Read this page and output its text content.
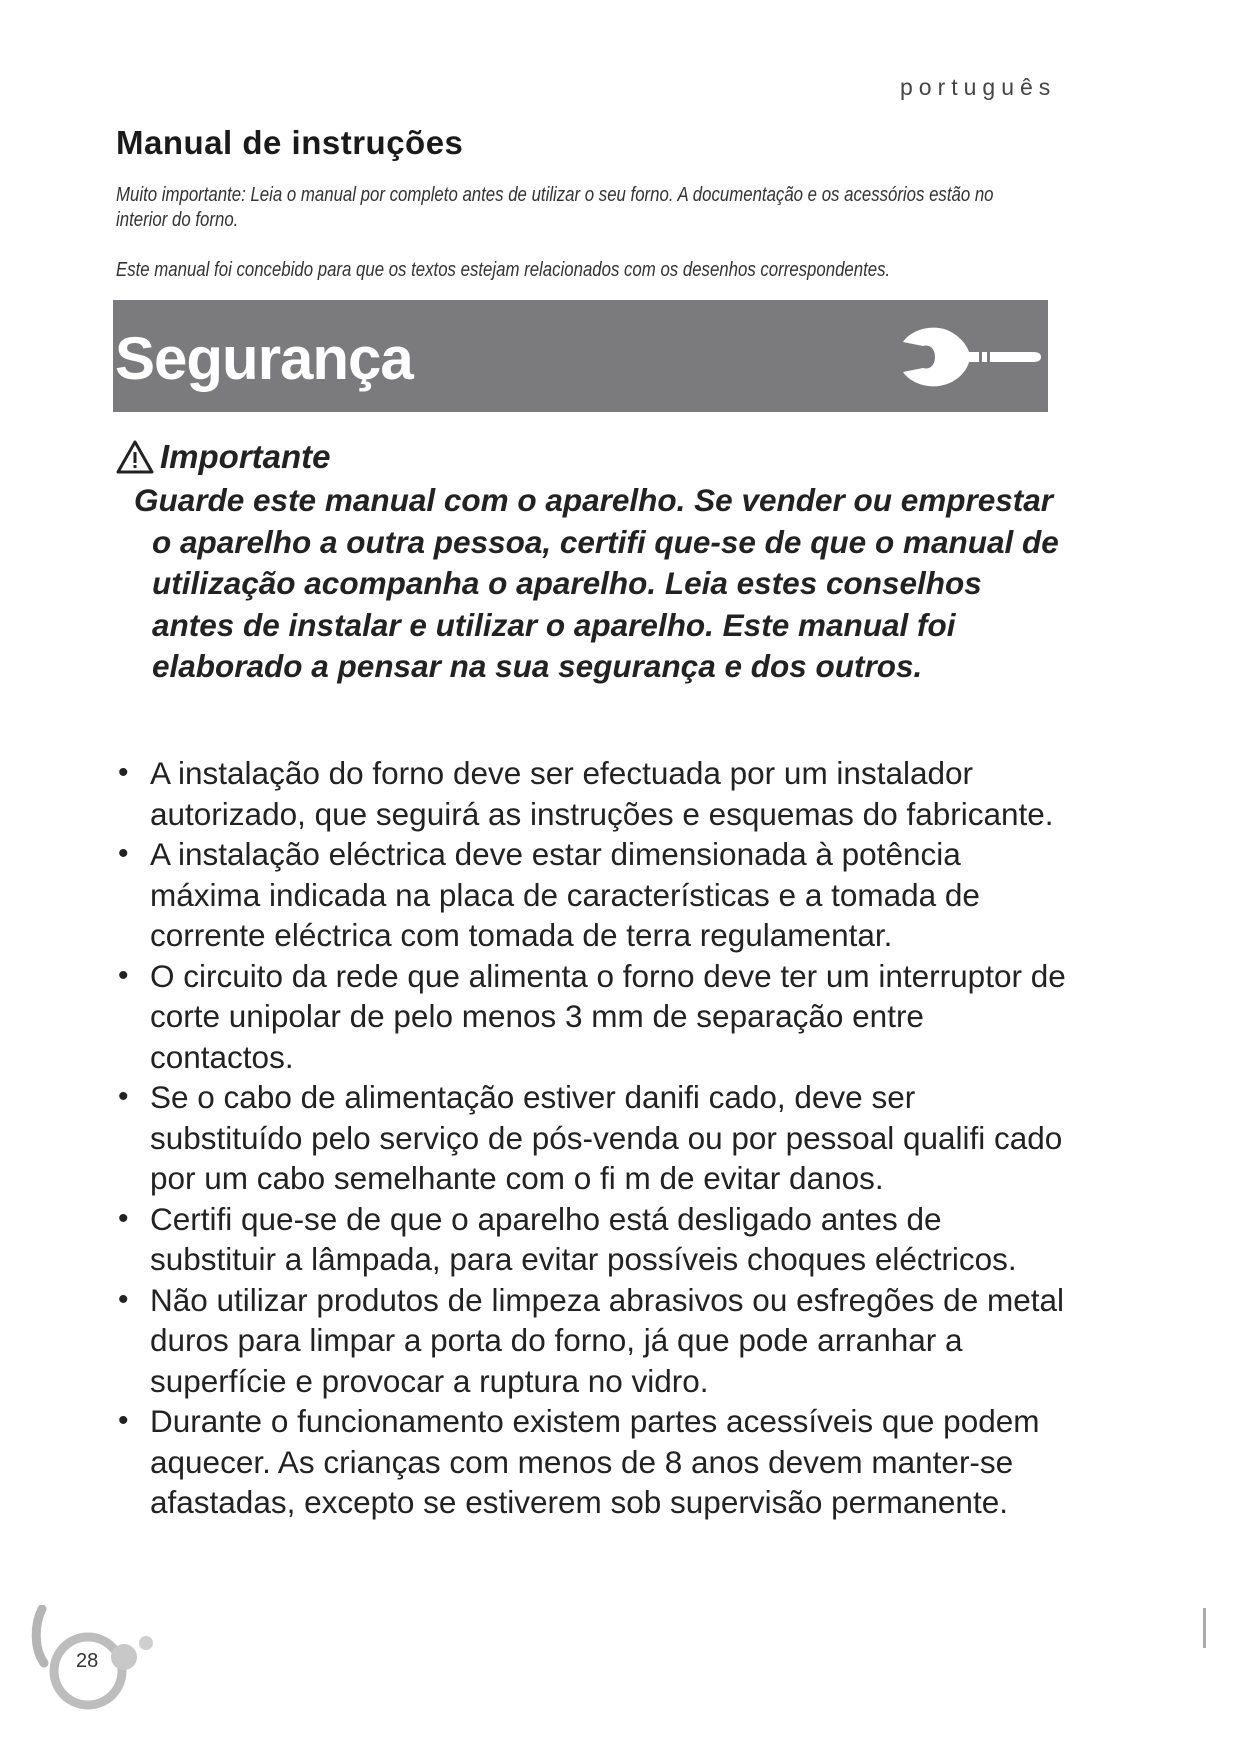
português
Manual de instruções

Muito importante: Leia o manual por completo antes de utilizar o seu forno. A documentação e os acessórios estão no interior do forno.

Este manual foi concebido para que os textos estejam relacionados com os desenhos correspondentes.

Segurança
Importante

Guarde este manual com o aparelho. Se vender ou emprestar o aparelho a outra pessoa, certifi que-se de que o manual de utilização acompanha o aparelho. Leia estes conselhos antes de instalar e utilizar o aparelho. Este manual foi elaborado a pensar na sua segurança e dos outros.

• A instalação do forno deve ser efectuada por um instalador autorizado, que seguirá as instruções e esquemas do fabricante.
• A instalação eléctrica deve estar dimensionada à potência máxima indicada na placa de características e a tomada de corrente eléctrica com tomada de terra regulamentar.
• O circuito da rede que alimenta o forno deve ter um interruptor de corte unipolar de pelo menos 3 mm de separação entre contactos.
• Se o cabo de alimentação estiver danifi cado, deve ser substituído pelo serviço de pós-venda ou por pessoal qualifi cado por um cabo semelhante com o fi m de evitar danos.
• Certifi que-se de que o aparelho está desligado antes de substituir a lâmpada, para evitar possíveis choques eléctricos.
• Não utilizar produtos de limpeza abrasivos ou esfregões de metal duros para limpar a porta do forno, já que pode arranhar a superfície e provocar a ruptura no vidro.
• Durante o funcionamento existem partes acessíveis que podem aquecer. As crianças com menos de 8 anos devem manter-se afastadas, excepto se estiverem sob supervisão permanente.
28
